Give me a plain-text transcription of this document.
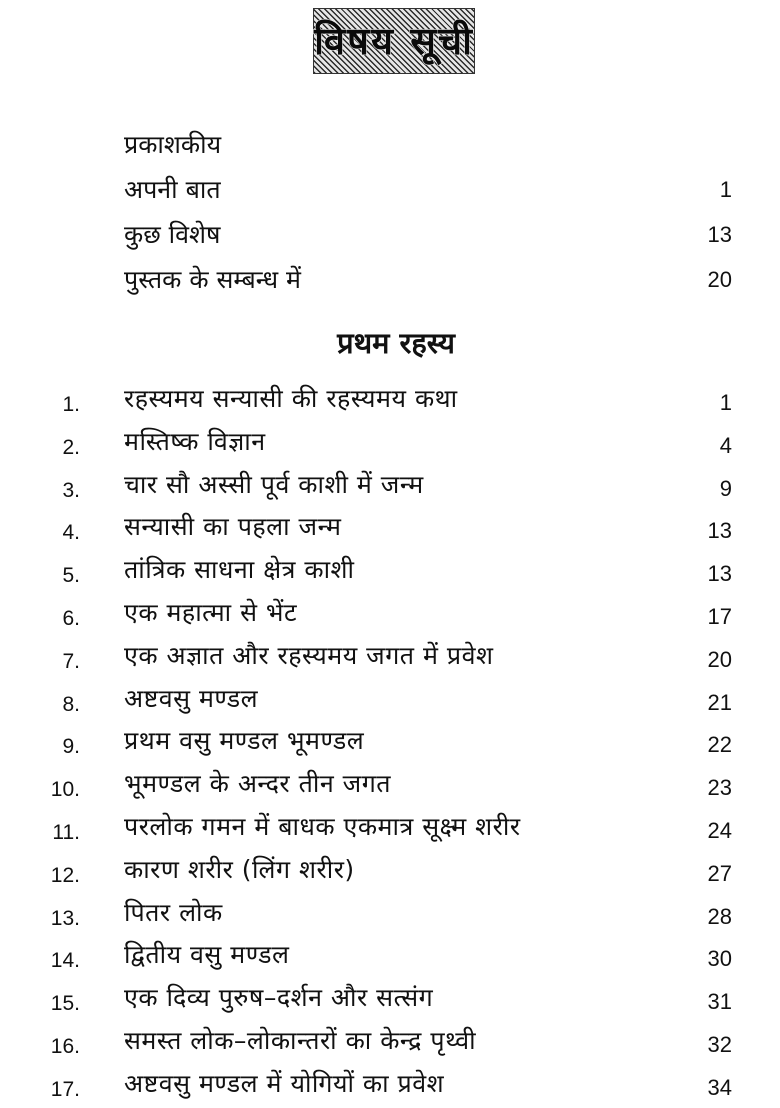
विषय सूची
प्रकाशकीय
अपनी बात	1
कुछ विशेष	13
पुस्तक के सम्बन्ध में	20
प्रथम रहस्य
1. रहस्यमय सन्यासी की रहस्यमय कथा	1
2. मस्तिष्क विज्ञान	4
3. चार सौ अस्सी पूर्व काशी में जन्म	9
4. सन्यासी का पहला जन्म	13
5. तांत्रिक साधना क्षेत्र काशी	13
6. एक महात्मा से भेंट	17
7. एक अज्ञात और रहस्यमय जगत में प्रवेश	20
8. अष्टवसु मण्डल	21
9. प्रथम वसु मण्डल भूमण्डल	22
10. भूमण्डल के अन्दर तीन जगत	23
11. परलोक गमन में बाधक एकमात्र सूक्ष्म शरीर	24
12. कारण शरीर (लिंग शरीर)	27
13. पितर लोक	28
14. द्वितीय वसु मण्डल	30
15. एक दिव्य पुरुष–दर्शन और सत्संग	31
16. समस्त लोक–लोकान्तरों का केन्द्र पृथ्वी	32
17. अष्टवसु मण्डल में योगियों का प्रवेश	34
